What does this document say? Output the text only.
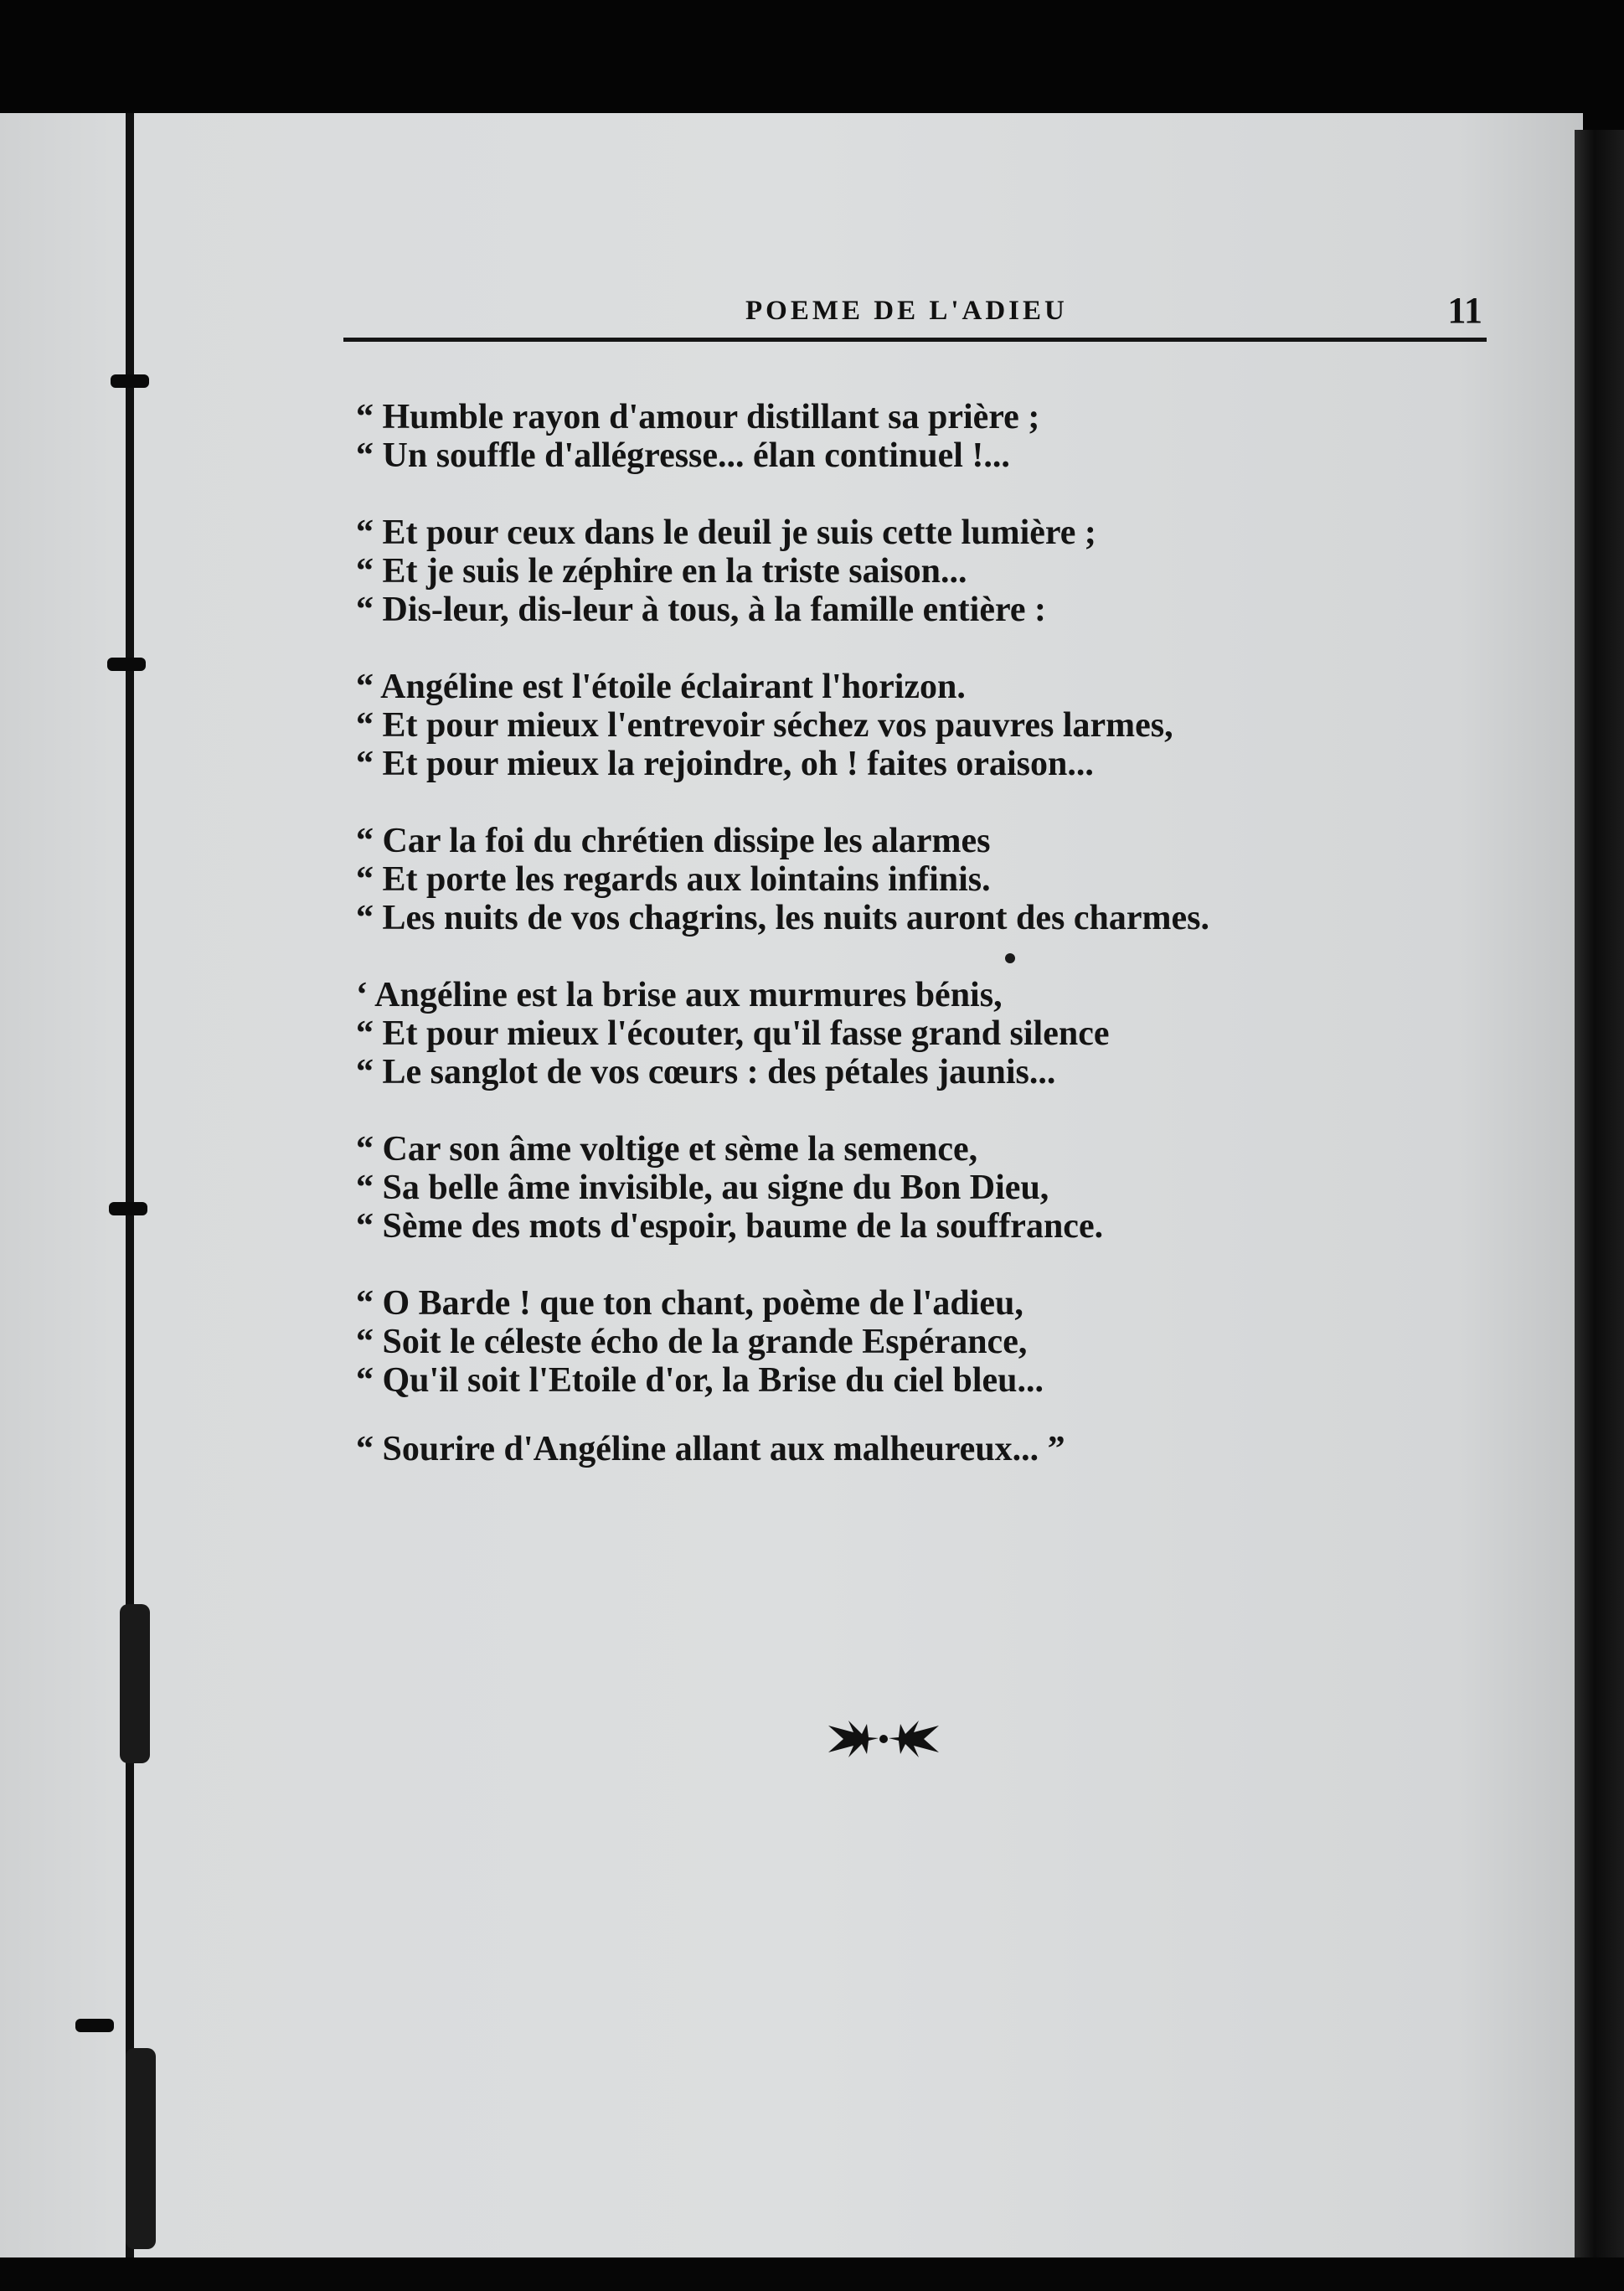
POEME DE L'ADIEU	11
“ Humble rayon d'amour distillant sa prière ;
“ Un souffle d'allégresse... élan continuel !...
“ Et pour ceux dans le deuil je suis cette lumière ;
“ Et je suis le zéphire en la triste saison...
“ Dis-leur, dis-leur à tous, à la famille entière :
“ Angéline est l'étoile éclairant l'horizon.
“ Et pour mieux l'entrevoir séchez vos pauvres larmes,
“ Et pour mieux la rejoindre, oh ! faites oraison...
“ Car la foi du chrétien dissipe les alarmes
“ Et porte les regards aux lointains infinis.
“ Les nuits de vos chagrins, les nuits auront des charmes.
‘ Angéline est la brise aux murmures bénis,
“ Et pour mieux l'écouter, qu'il fasse grand silence
“ Le sanglot de vos cœurs : des pétales jaunis...
“ Car son âme voltige et sème la semence,
“ Sa belle âme invisible, au signe du Bon Dieu,
“ Sème des mots d'espoir, baume de la souffrance.
“ O Barde ! que ton chant, poème de l'adieu,
“ Soit le céleste écho de la grande Espérance,
“ Qu'il soit l'Etoile d'or, la Brise du ciel bleu...
“ Sourire d'Angéline allant aux malheureux... ”
